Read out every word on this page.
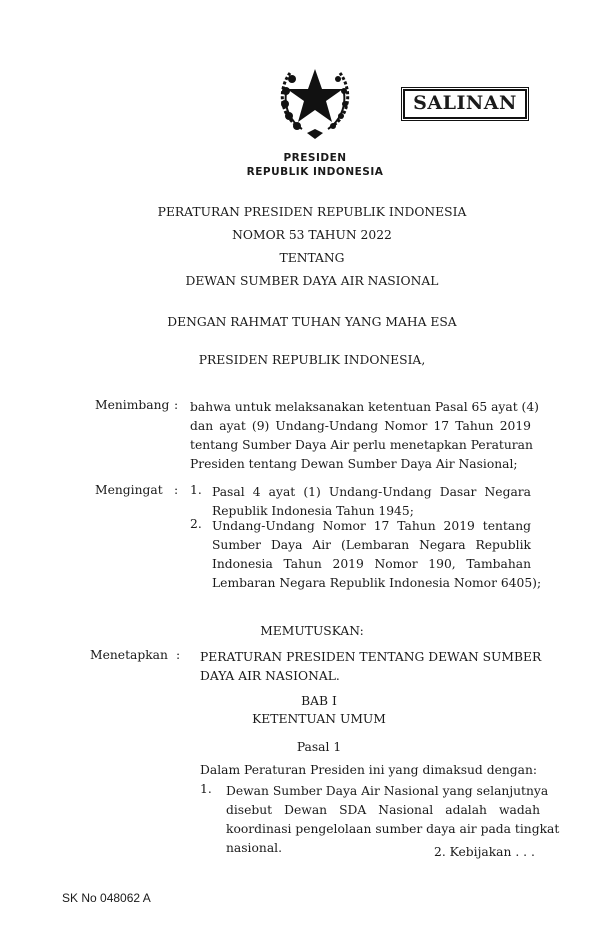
SALINAN
PRESIDEN
REPUBLIK INDONESIA
PERATURAN PRESIDEN REPUBLIK INDONESIA
NOMOR 53 TAHUN 2022
TENTANG
DEWAN SUMBER DAYA AIR NASIONAL
DENGAN RAHMAT TUHAN YANG MAHA ESA
PRESIDEN REPUBLIK INDONESIA,
Menimbang : bahwa untuk melaksanakan ketentuan Pasal 65 ayat (4)
dan ayat (9) Undang-Undang Nomor 17 Tahun 2019
tentang Sumber Daya Air perlu menetapkan Peraturan
Presiden tentang Dewan Sumber Daya Air Nasional;
Mengingat : 1. Pasal 4 ayat (1) Undang-Undang Dasar Negara
Republik Indonesia Tahun 1945;
2. Undang-Undang Nomor 17 Tahun 2019 tentang
Sumber Daya Air (Lembaran Negara Republik
Indonesia Tahun 2019 Nomor 190, Tambahan
Lembaran Negara Republik Indonesia Nomor 6405);
MEMUTUSKAN:
Menetapkan : PERATURAN PRESIDEN TENTANG DEWAN SUMBER
DAYA AIR NASIONAL.
BAB I
KETENTUAN UMUM
Pasal 1
Dalam Peraturan Presiden ini yang dimaksud dengan:
1. Dewan Sumber Daya Air Nasional yang selanjutnya
disebut Dewan SDA Nasional adalah wadah
koordinasi pengelolaan sumber daya air pada tingkat
nasional.	2. Kebijakan . . .
SK No 048062 A
